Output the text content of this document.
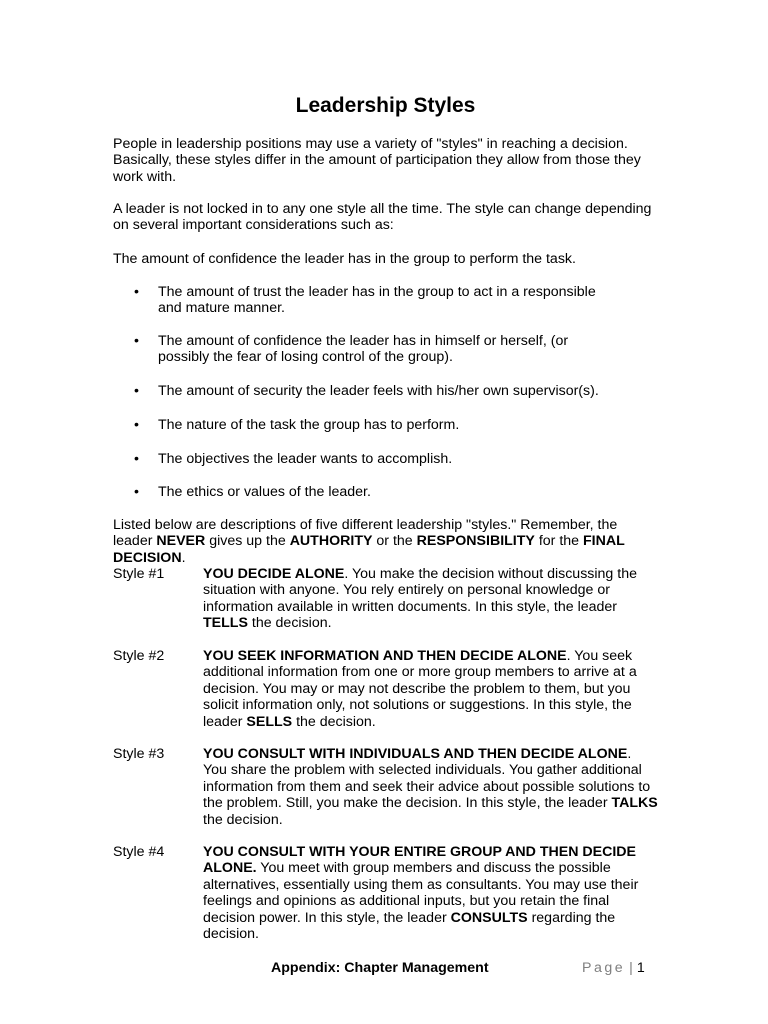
Leadership Styles

People in leadership positions may use a variety of "styles" in reaching a decision. Basically, these styles differ in the amount of participation they allow from those they work with.

A leader is not locked in to any one style all the time. The style can change depending on several important considerations such as:

The amount of confidence the leader has in the group to perform the task.

• The amount of trust the leader has in the group to act in a responsible and mature manner.
• The amount of confidence the leader has in himself or herself, (or possibly the fear of losing control of the group).
• The amount of security the leader feels with his/her own supervisor(s).
• The nature of the task the group has to perform.
• The objectives the leader wants to accomplish.
• The ethics or values of the leader.

Listed below are descriptions of five different leadership "styles." Remember, the leader NEVER gives up the AUTHORITY or the RESPONSIBILITY for the FINAL DECISION.

Style #1	YOU DECIDE ALONE. You make the decision without discussing the situation with anyone. You rely entirely on personal knowledge or information available in written documents. In this style, the leader TELLS the decision.
Style #2	YOU SEEK INFORMATION AND THEN DECIDE ALONE. You seek additional information from one or more group members to arrive at a decision. You may or may not describe the problem to them, but you solicit information only, not solutions or suggestions. In this style, the leader SELLS the decision.
Style #3	YOU CONSULT WITH INDIVIDUALS AND THEN DECIDE ALONE. You share the problem with selected individuals. You gather additional information from them and seek their advice about possible solutions to the problem. Still, you make the decision. In this style, the leader TALKS the decision.
Style #4	YOU CONSULT WITH YOUR ENTIRE GROUP AND THEN DECIDE ALONE. You meet with group members and discuss the possible alternatives, essentially using them as consultants. You may use their feelings and opinions as additional inputs, but you retain the final decision power. In this style, the leader CONSULTS regarding the decision.
Appendix: Chapter Management	Page | 1
